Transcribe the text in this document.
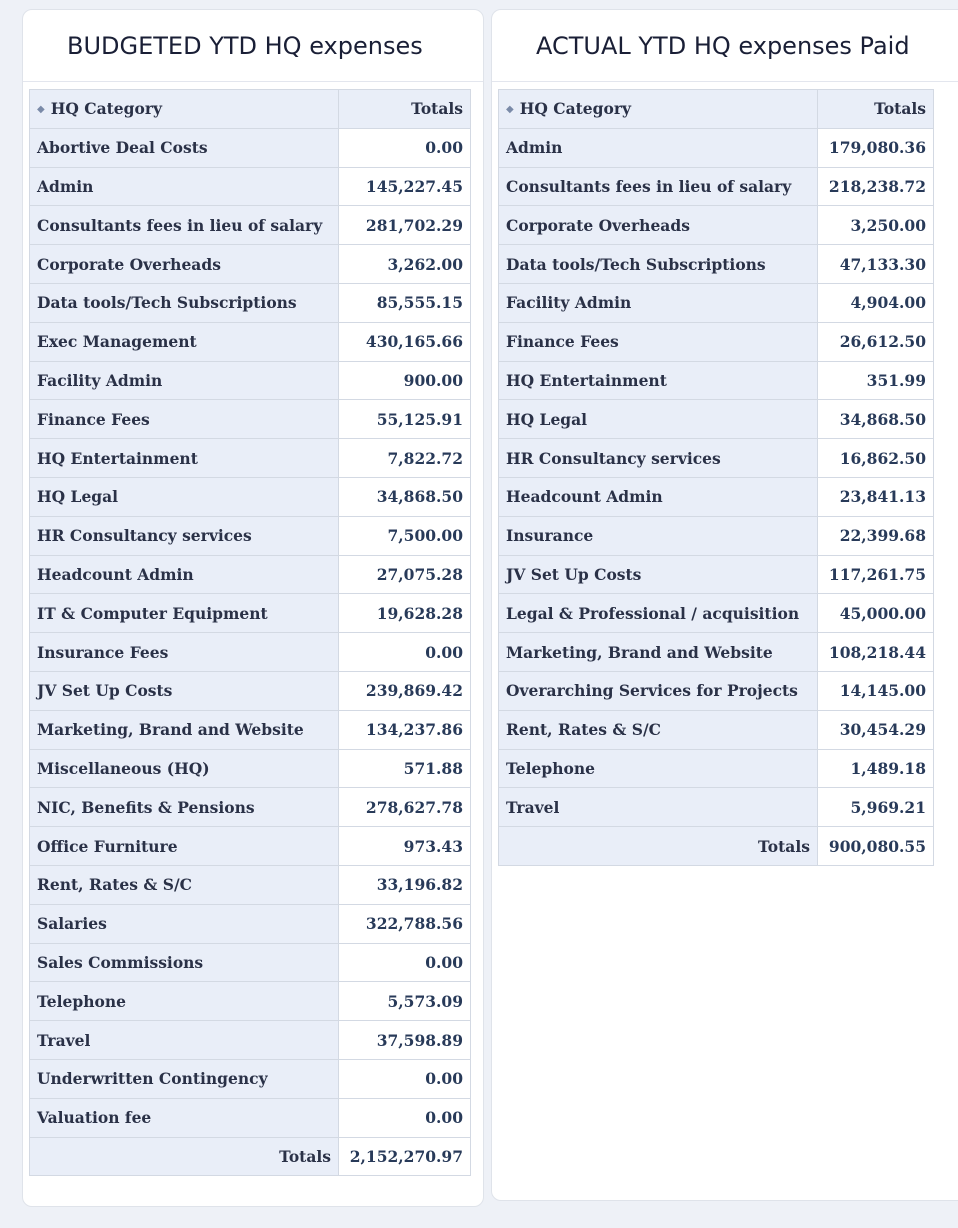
BUDGETED YTD HQ expenses
◆ HQ Category	Totals
Abortive Deal Costs	0.00
Admin	145,227.45
Consultants fees in lieu of salary	281,702.29
Corporate Overheads	3,262.00
Data tools/Tech Subscriptions	85,555.15
Exec Management	430,165.66
Facility Admin	900.00
Finance Fees	55,125.91
HQ Entertainment	7,822.72
HQ Legal	34,868.50
HR Consultancy services	7,500.00
Headcount Admin	27,075.28
IT & Computer Equipment	19,628.28
Insurance Fees	0.00
JV Set Up Costs	239,869.42
Marketing, Brand and Website	134,237.86
Miscellaneous (HQ)	571.88
NIC, Benefits & Pensions	278,627.78
Office Furniture	973.43
Rent, Rates & S/C	33,196.82
Salaries	322,788.56
Sales Commissions	0.00
Telephone	5,573.09
Travel	37,598.89
Underwritten Contingency	0.00
Valuation fee	0.00
Totals	2,152,270.97
ACTUAL YTD HQ expenses Paid
◆ HQ Category	Totals
Admin	179,080.36
Consultants fees in lieu of salary	218,238.72
Corporate Overheads	3,250.00
Data tools/Tech Subscriptions	47,133.30
Facility Admin	4,904.00
Finance Fees	26,612.50
HQ Entertainment	351.99
HQ Legal	34,868.50
HR Consultancy services	16,862.50
Headcount Admin	23,841.13
Insurance	22,399.68
JV Set Up Costs	117,261.75
Legal & Professional / acquisition	45,000.00
Marketing, Brand and Website	108,218.44
Overarching Services for Projects	14,145.00
Rent, Rates & S/C	30,454.29
Telephone	1,489.18
Travel	5,969.21
Totals	900,080.55
